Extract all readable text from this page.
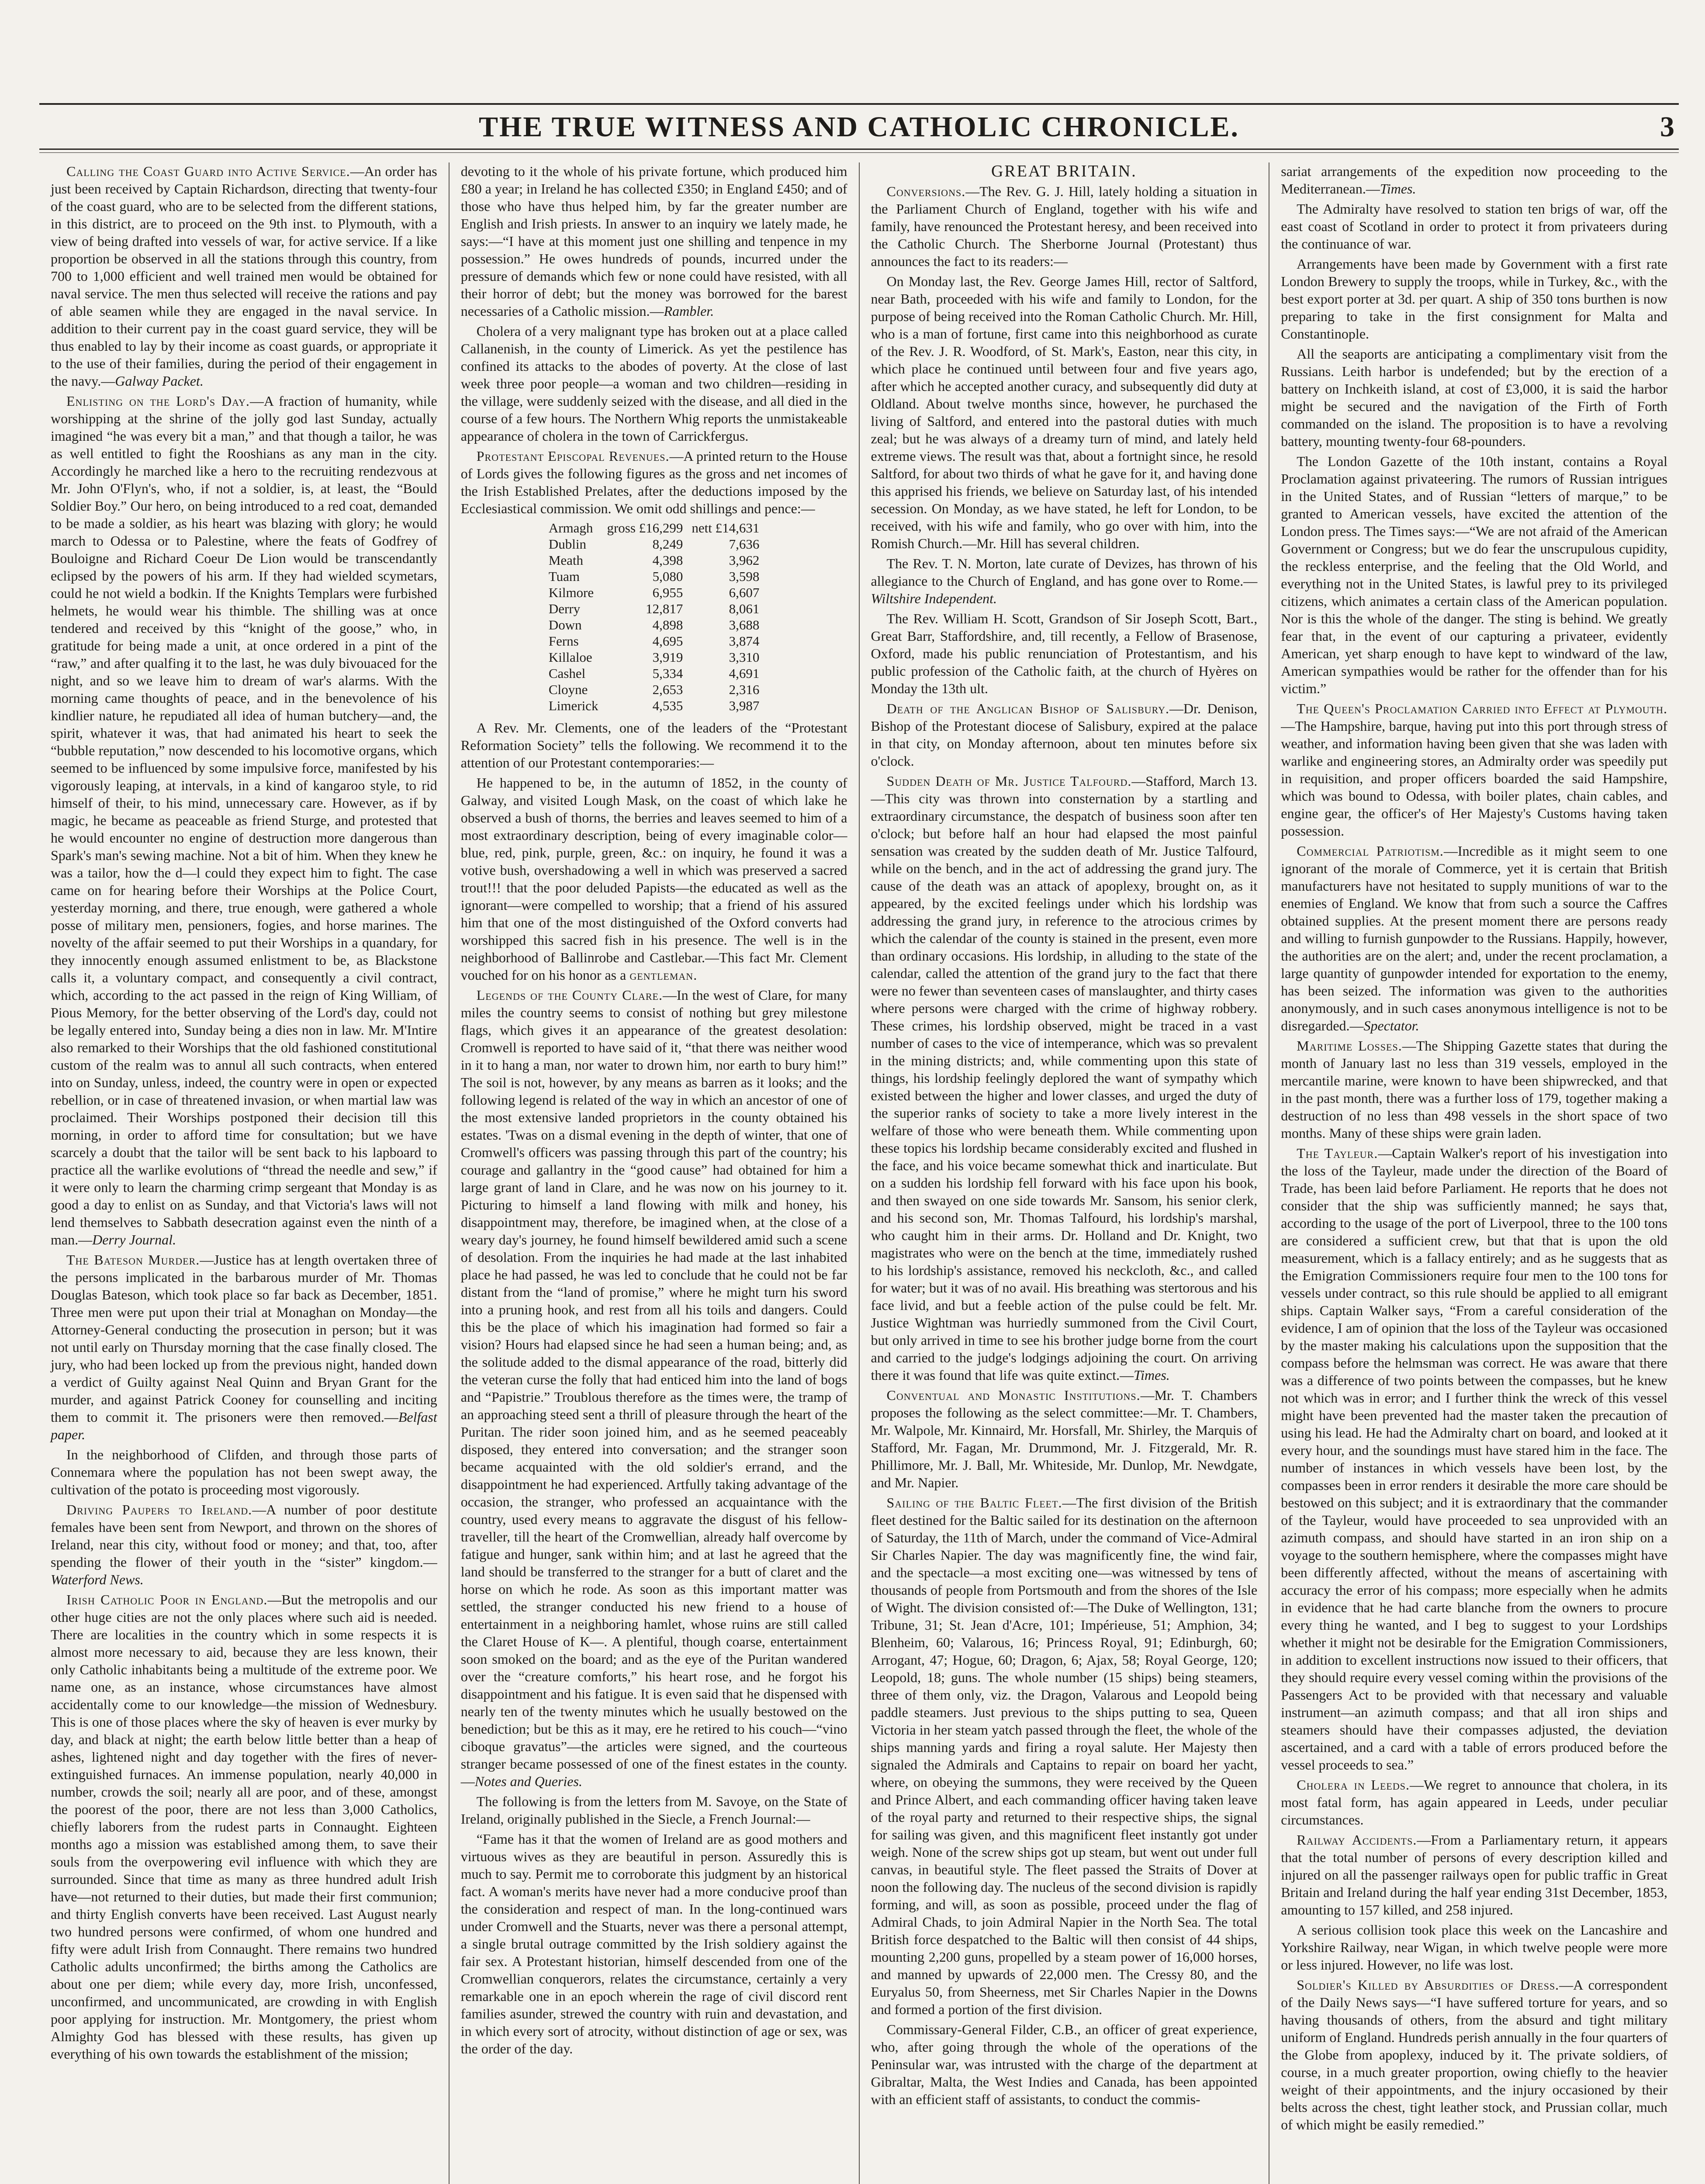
THE TRUE WITNESS AND CATHOLIC CHRONICLE.	3

Calling the Coast Guard into Active Service.—An order has just been received by Captain Richardson, directing that twenty-four of the coast guard, who are to be selected from the different stations, in this district, are to proceed on the 9th inst. to Plymouth, with a view of being drafted into vessels of war, for active service. If a like proportion be observed in all the stations through this country, from 700 to 1,000 efficient and well trained men would be obtained for naval service. The men thus selected will receive the rations and pay of able seamen while they are engaged in the naval service. In addition to their current pay in the coast guard service, they will be thus enabled to lay by their income as coast guards, or appropriate it to the use of their families, during the period of their engagement in the navy.—Galway Packet.

Enlisting on the Lord's Day.—A fraction of humanity, while worshipping at the shrine of the jolly god last Sunday, actually imagined “he was every bit a man,” and that though a tailor, he was as well entitled to fight the Rooshians as any man in the city. Accordingly he marched like a hero to the recruiting rendezvous at Mr. John O'Flyn's, who, if not a soldier, is, at least, the “Bould Soldier Boy.” Our hero, on being introduced to a red coat, demanded to be made a soldier, as his heart was blazing with glory; he would march to Odessa or to Palestine, where the feats of Godfrey of Bouloigne and Richard Coeur De Lion would be transcendantly eclipsed by the powers of his arm. If they had wielded scymetars, could he not wield a bodkin. If the Knights Templars were furbished helmets, he would wear his thimble. The shilling was at once tendered and received by this “knight of the goose,” who, in gratitude for being made a unit, at once ordered in a pint of the “raw,” and after qualfing it to the last, he was duly bivouaced for the night, and so we leave him to dream of war's alarms. With the morning came thoughts of peace, and in the benevolence of his kindlier nature, he repudiated all idea of human butchery—and, the spirit, whatever it was, that had animated his heart to seek the “bubble reputation,” now descended to his locomotive organs, which seemed to be influenced by some impulsive force, manifested by his vigorously leaping, at intervals, in a kind of kangaroo style, to rid himself of their, to his mind, unnecessary care. However, as if by magic, he became as peaceable as friend Sturge, and protested that he would encounter no engine of destruction more dangerous than Spark's man's sewing machine. Not a bit of him. When they knew he was a tailor, how the d—l could they expect him to fight. The case came on for hearing before their Worships at the Police Court, yesterday morning, and there, true enough, were gathered a whole posse of military men, pensioners, fogies, and horse marines. The novelty of the affair seemed to put their Worships in a quandary, for they innocently enough assumed enlistment to be, as Blackstone calls it, a voluntary compact, and consequently a civil contract, which, according to the act passed in the reign of King William, of Pious Memory, for the better observing of the Lord's day, could not be legally entered into, Sunday being a dies non in law. Mr. M'Intire also remarked to their Worships that the old fashioned constitutional custom of the realm was to annul all such contracts, when entered into on Sunday, unless, indeed, the country were in open or expected rebellion, or in case of threatened invasion, or when martial law was proclaimed. Their Worships postponed their decision till this morning, in order to afford time for consultation; but we have scarcely a doubt that the tailor will be sent back to his lapboard to practice all the warlike evolutions of “thread the needle and sew,” if it were only to learn the charming crimp sergeant that Monday is as good a day to enlist on as Sunday, and that Victoria's laws will not lend themselves to Sabbath desecration against even the ninth of a man.—Derry Journal.

The Bateson Murder.—Justice has at length overtaken three of the persons implicated in the barbarous murder of Mr. Thomas Douglas Bateson, which took place so far back as December, 1851. Three men were put upon their trial at Monaghan on Monday—the Attorney-General conducting the prosecution in person; but it was not until early on Thursday morning that the case finally closed. The jury, who had been locked up from the previous night, handed down a verdict of Guilty against Neal Quinn and Bryan Grant for the murder, and against Patrick Cooney for counselling and inciting them to commit it. The prisoners were then removed.—Belfast paper.

In the neighborhood of Clifden, and through those parts of Connemara where the population has not been swept away, the cultivation of the potato is proceeding most vigorously.

Driving Paupers to Ireland.—A number of poor destitute females have been sent from Newport, and thrown on the shores of Ireland, near this city, without food or money; and that, too, after spending the flower of their youth in the “sister” kingdom.—Waterford News.

Irish Catholic Poor in England.—But the metropolis and our other huge cities are not the only places where such aid is needed. There are localities in the country which in some respects it is almost more necessary to aid, because they are less known, their only Catholic inhabitants being a multitude of the extreme poor. We name one, as an instance, whose circumstances have almost accidentally come to our knowledge—the mission of Wednesbury. This is one of those places where the sky of heaven is ever murky by day, and black at night; the earth below little better than a heap of ashes, lightened night and day together with the fires of never-extinguished furnaces. An immense population, nearly 40,000 in number, crowds the soil; nearly all are poor, and of these, amongst the poorest of the poor, there are not less than 3,000 Catholics, chiefly laborers from the rudest parts in Connaught. Eighteen months ago a mission was established among them, to save their souls from the overpowering evil influence with which they are surrounded. Since that time as many as three hundred adult Irish have—not returned to their duties, but made their first communion; and thirty English converts have been received. Last August nearly two hundred persons were confirmed, of whom one hundred and fifty were adult Irish from Connaught. There remains two hundred Catholic adults unconfirmed; the births among the Catholics are about one per diem; while every day, more Irish, unconfessed, unconfirmed, and uncommunicated, are crowding in with English poor applying for instruction. Mr. Montgomery, the priest whom Almighty God has blessed with these results, has given up everything of his own towards the establishment of the mission;

devoting to it the whole of his private fortune, which produced him £80 a year; in Ireland he has collected £350; in England £450; and of those who have thus helped him, by far the greater number are English and Irish priests. In answer to an inquiry we lately made, he says:—“I have at this moment just one shilling and tenpence in my possession.” He owes hundreds of pounds, incurred under the pressure of demands which few or none could have resisted, with all their horror of debt; but the money was borrowed for the barest necessaries of a Catholic mission.—Rambler.

Cholera of a very malignant type has broken out at a place called Callanenish, in the county of Limerick. As yet the pestilence has confined its attacks to the abodes of poverty. At the close of last week three poor people—a woman and two children—residing in the village, were suddenly seized with the disease, and all died in the course of a few hours. The Northern Whig reports the unmistakeable appearance of cholera in the town of Carrickfergus.

Protestant Episcopal Revenues.—A printed return to the House of Lords gives the following figures as the gross and net incomes of the Irish Established Prelates, after the deductions imposed by the Ecclesiastical commission. We omit odd shillings and pence:—

Armagh	gross £16,299	nett £14,631
Dublin	8,249	7,636
Meath	4,398	3,962
Tuam	5,080	3,598
Kilmore	6,955	6,607
Derry	12,817	8,061
Down	4,898	3,688
Ferns	4,695	3,874
Killaloe	3,919	3,310
Cashel	5,334	4,691
Cloyne	2,653	2,316
Limerick	4,535	3,987

A Rev. Mr. Clements, one of the leaders of the “Protestant Reformation Society” tells the following. We recommend it to the attention of our Protestant contemporaries:—

He happened to be, in the autumn of 1852, in the county of Galway, and visited Lough Mask, on the coast of which lake he observed a bush of thorns, the berries and leaves seemed to him of a most extraordinary description, being of every imaginable color—blue, red, pink, purple, green, &c.: on inquiry, he found it was a votive bush, overshadowing a well in which was preserved a sacred trout!!! that the poor deluded Papists—the educated as well as the ignorant—were compelled to worship; that a friend of his assured him that one of the most distinguished of the Oxford converts had worshipped this sacred fish in his presence. The well is in the neighborhood of Ballinrobe and Castlebar.—This fact Mr. Clement vouched for on his honor as a gentleman.

Legends of the County Clare.—In the west of Clare, for many miles the country seems to consist of nothing but grey milestone flags, which gives it an appearance of the greatest desolation: Cromwell is reported to have said of it, “that there was neither wood in it to hang a man, nor water to drown him, nor earth to bury him!” The soil is not, however, by any means as barren as it looks; and the following legend is related of the way in which an ancestor of one of the most extensive landed proprietors in the county obtained his estates. 'Twas on a dismal evening in the depth of winter, that one of Cromwell's officers was passing through this part of the country; his courage and gallantry in the “good cause” had obtained for him a large grant of land in Clare, and he was now on his journey to it. Picturing to himself a land flowing with milk and honey, his disappointment may, therefore, be imagined when, at the close of a weary day's journey, he found himself bewildered amid such a scene of desolation. From the inquiries he had made at the last inhabited place he had passed, he was led to conclude that he could not be far distant from the “land of promise,” where he might turn his sword into a pruning hook, and rest from all his toils and dangers. Could this be the place of which his imagination had formed so fair a vision? Hours had elapsed since he had seen a human being; and, as the solitude added to the dismal appearance of the road, bitterly did the veteran curse the folly that had enticed him into the land of bogs and “Papistrie.” Troublous therefore as the times were, the tramp of an approaching steed sent a thrill of pleasure through the heart of the Puritan. The rider soon joined him, and as he seemed peaceably disposed, they entered into conversation; and the stranger soon became acquainted with the old soldier's errand, and the disappointment he had experienced. Artfully taking advantage of the occasion, the stranger, who professed an acquaintance with the country, used every means to aggravate the disgust of his fellow-traveller, till the heart of the Cromwellian, already half overcome by fatigue and hunger, sank within him; and at last he agreed that the land should be transferred to the stranger for a butt of claret and the horse on which he rode. As soon as this important matter was settled, the stranger conducted his new friend to a house of entertainment in a neighboring hamlet, whose ruins are still called the Claret House of K—. A plentiful, though coarse, entertainment soon smoked on the board; and as the eye of the Puritan wandered over the “creature comforts,” his heart rose, and he forgot his disappointment and his fatigue. It is even said that he dispensed with nearly ten of the twenty minutes which he usually bestowed on the benediction; but be this as it may, ere he retired to his couch—“vino ciboque gravatus”—the articles were signed, and the courteous stranger became possessed of one of the finest estates in the county.—Notes and Queries.

The following is from the letters from M. Savoye, on the State of Ireland, originally published in the Siecle, a French Journal:—

“Fame has it that the women of Ireland are as good mothers and virtuous wives as they are beautiful in person. Assuredly this is much to say. Permit me to corroborate this judgment by an historical fact. A woman's merits have never had a more conducive proof than the consideration and respect of man. In the long-continued wars under Cromwell and the Stuarts, never was there a personal attempt, a single brutal outrage committed by the Irish soldiery against the fair sex. A Protestant historian, himself descended from one of the Cromwellian conquerors, relates the circumstance, certainly a very remarkable one in an epoch wherein the rage of civil discord rent families asunder, strewed the country with ruin and devastation, and in which every sort of atrocity, without distinction of age or sex, was the order of the day.

GREAT BRITAIN.

Conversions.—The Rev. G. J. Hill, lately holding a situation in the Parliament Church of England, together with his wife and family, have renounced the Protestant heresy, and been received into the Catholic Church. The Sherborne Journal (Protestant) thus announces the fact to its readers:—

On Monday last, the Rev. George James Hill, rector of Saltford, near Bath, proceeded with his wife and family to London, for the purpose of being received into the Roman Catholic Church. Mr. Hill, who is a man of fortune, first came into this neighborhood as curate of the Rev. J. R. Woodford, of St. Mark's, Easton, near this city, in which place he continued until between four and five years ago, after which he accepted another curacy, and subsequently did duty at Oldland. About twelve months since, however, he purchased the living of Saltford, and entered into the pastoral duties with much zeal; but he was always of a dreamy turn of mind, and lately held extreme views. The result was that, about a fortnight since, he resold Saltford, for about two thirds of what he gave for it, and having done this apprised his friends, we believe on Saturday last, of his intended secession. On Monday, as we have stated, he left for London, to be received, with his wife and family, who go over with him, into the Romish Church.—Mr. Hill has several children.

The Rev. T. N. Morton, late curate of Devizes, has thrown of his allegiance to the Church of England, and has gone over to Rome.—Wiltshire Independent.

The Rev. William H. Scott, Grandson of Sir Joseph Scott, Bart., Great Barr, Staffordshire, and, till recently, a Fellow of Brasenose, Oxford, made his public renunciation of Protestantism, and his public profession of the Catholic faith, at the church of Hyères on Monday the 13th ult.

Death of the Anglican Bishop of Salisbury.—Dr. Denison, Bishop of the Protestant diocese of Salisbury, expired at the palace in that city, on Monday afternoon, about ten minutes before six o'clock.

Sudden Death of Mr. Justice Talfourd.—Stafford, March 13.—This city was thrown into consternation by a startling and extraordinary circumstance, the despatch of business soon after ten o'clock; but before half an hour had elapsed the most painful sensation was created by the sudden death of Mr. Justice Talfourd, while on the bench, and in the act of addressing the grand jury. The cause of the death was an attack of apoplexy, brought on, as it appeared, by the excited feelings under which his lordship was addressing the grand jury, in reference to the atrocious crimes by which the calendar of the county is stained in the present, even more than ordinary occasions. His lordship, in alluding to the state of the calendar, called the attention of the grand jury to the fact that there were no fewer than seventeen cases of manslaughter, and thirty cases where persons were charged with the crime of highway robbery. These crimes, his lordship observed, might be traced in a vast number of cases to the vice of intemperance, which was so prevalent in the mining districts; and, while commenting upon this state of things, his lordship feelingly deplored the want of sympathy which existed between the higher and lower classes, and urged the duty of the superior ranks of society to take a more lively interest in the welfare of those who were beneath them. While commenting upon these topics his lordship became considerably excited and flushed in the face, and his voice became somewhat thick and inarticulate. But on a sudden his lordship fell forward with his face upon his book, and then swayed on one side towards Mr. Sansom, his senior clerk, and his second son, Mr. Thomas Talfourd, his lordship's marshal, who caught him in their arms. Dr. Holland and Dr. Knight, two magistrates who were on the bench at the time, immediately rushed to his lordship's assistance, removed his neckcloth, &c., and called for water; but it was of no avail. His breathing was stertorous and his face livid, and but a feeble action of the pulse could be felt. Mr. Justice Wightman was hurriedly summoned from the Civil Court, but only arrived in time to see his brother judge borne from the court and carried to the judge's lodgings adjoining the court. On arriving there it was found that life was quite extinct.—Times.

Conventual and Monastic Institutions.—Mr. T. Chambers proposes the following as the select committee:—Mr. T. Chambers, Mr. Walpole, Mr. Kinnaird, Mr. Horsfall, Mr. Shirley, the Marquis of Stafford, Mr. Fagan, Mr. Drummond, Mr. J. Fitzgerald, Mr. R. Phillimore, Mr. J. Ball, Mr. Whiteside, Mr. Dunlop, Mr. Newdgate, and Mr. Napier.

Sailing of the Baltic Fleet.—The first division of the British fleet destined for the Baltic sailed for its destination on the afternoon of Saturday, the 11th of March, under the command of Vice-Admiral Sir Charles Napier. The day was magnificently fine, the wind fair, and the spectacle—a most exciting one—was witnessed by tens of thousands of people from Portsmouth and from the shores of the Isle of Wight. The division consisted of:—The Duke of Wellington, 131; Tribune, 31; St. Jean d'Acre, 101; Impérieuse, 51; Amphion, 34; Blenheim, 60; Valarous, 16; Princess Royal, 91; Edinburgh, 60; Arrogant, 47; Hogue, 60; Dragon, 6; Ajax, 58; Royal George, 120; Leopold, 18; guns. The whole number (15 ships) being steamers, three of them only, viz. the Dragon, Valarous and Leopold being paddle steamers. Just previous to the ships putting to sea, Queen Victoria in her steam yatch passed through the fleet, the whole of the ships manning yards and firing a royal salute. Her Majesty then signaled the Admirals and Captains to repair on board her yacht, where, on obeying the summons, they were received by the Queen and Prince Albert, and each commanding officer having taken leave of the royal party and returned to their respective ships, the signal for sailing was given, and this magnificent fleet instantly got under weigh. None of the screw ships got up steam, but went out under full canvas, in beautiful style. The fleet passed the Straits of Dover at noon the following day. The nucleus of the second division is rapidly forming, and will, as soon as possible, proceed under the flag of Admiral Chads, to join Admiral Napier in the North Sea. The total British force despatched to the Baltic will then consist of 44 ships, mounting 2,200 guns, propelled by a steam power of 16,000 horses, and manned by upwards of 22,000 men. The Cressy 80, and the Euryalus 50, from Sheerness, met Sir Charles Napier in the Downs and formed a portion of the first division.

Commissary-General Filder, C.B., an officer of great experience, who, after going through the whole of the operations of the Peninsular war, was intrusted with the charge of the department at Gibraltar, Malta, the West Indies and Canada, has been appointed with an efficient staff of assistants, to conduct the commis-

sariat arrangements of the expedition now proceeding to the Mediterranean.—Times.

The Admiralty have resolved to station ten brigs of war, off the east coast of Scotland in order to protect it from privateers during the continuance of war.

Arrangements have been made by Government with a first rate London Brewery to supply the troops, while in Turkey, &c., with the best export porter at 3d. per quart. A ship of 350 tons burthen is now preparing to take in the first consignment for Malta and Constantinople.

All the seaports are anticipating a complimentary visit from the Russians. Leith harbor is undefended; but by the erection of a battery on Inchkeith island, at cost of £3,000, it is said the harbor might be secured and the navigation of the Firth of Forth commanded on the island. The proposition is to have a revolving battery, mounting twenty-four 68-pounders.

The London Gazette of the 10th instant, contains a Royal Proclamation against privateering. The rumors of Russian intrigues in the United States, and of Russian “letters of marque,” to be granted to American vessels, have excited the attention of the London press. The Times says:—“We are not afraid of the American Government or Congress; but we do fear the unscrupulous cupidity, the reckless enterprise, and the feeling that the Old World, and everything not in the United States, is lawful prey to its privileged citizens, which animates a certain class of the American population. Nor is this the whole of the danger. The sting is behind. We greatly fear that, in the event of our capturing a privateer, evidently American, yet sharp enough to have kept to windward of the law, American sympathies would be rather for the offender than for his victim.”

The Queen's Proclamation Carried into Effect at Plymouth.—The Hampshire, barque, having put into this port through stress of weather, and information having been given that she was laden with warlike and engineering stores, an Admiralty order was speedily put in requisition, and proper officers boarded the said Hampshire, which was bound to Odessa, with boiler plates, chain cables, and engine gear, the officer's of Her Majesty's Customs having taken possession.

Commercial Patriotism.—Incredible as it might seem to one ignorant of the morale of Commerce, yet it is certain that British manufacturers have not hesitated to supply munitions of war to the enemies of England. We know that from such a source the Caffres obtained supplies. At the present moment there are persons ready and willing to furnish gunpowder to the Russians. Happily, however, the authorities are on the alert; and, under the recent proclamation, a large quantity of gunpowder intended for exportation to the enemy, has been seized. The information was given to the authorities anonymously, and in such cases anonymous intelligence is not to be disregarded.—Spectator.

Maritime Losses.—The Shipping Gazette states that during the month of January last no less than 319 vessels, employed in the mercantile marine, were known to have been shipwrecked, and that in the past month, there was a further loss of 179, together making a destruction of no less than 498 vessels in the short space of two months. Many of these ships were grain laden.

The Tayleur.—Captain Walker's report of his investigation into the loss of the Tayleur, made under the direction of the Board of Trade, has been laid before Parliament. He reports that he does not consider that the ship was sufficiently manned; he says that, according to the usage of the port of Liverpool, three to the 100 tons are considered a sufficient crew, but that that is upon the old measurement, which is a fallacy entirely; and as he suggests that as the Emigration Commissioners require four men to the 100 tons for vessels under contract, so this rule should be applied to all emigrant ships. Captain Walker says, “From a careful consideration of the evidence, I am of opinion that the loss of the Tayleur was occasioned by the master making his calculations upon the supposition that the compass before the helmsman was correct. He was aware that there was a difference of two points between the compasses, but he knew not which was in error; and I further think the wreck of this vessel might have been prevented had the master taken the precaution of using his lead. He had the Admiralty chart on board, and looked at it every hour, and the soundings must have stared him in the face. The number of instances in which vessels have been lost, by the compasses been in error renders it desirable the more care should be bestowed on this subject; and it is extraordinary that the commander of the Tayleur, would have proceeded to sea unprovided with an azimuth compass, and should have started in an iron ship on a voyage to the southern hemisphere, where the compasses might have been differently affected, without the means of ascertaining with accuracy the error of his compass; more especially when he admits in evidence that he had carte blanche from the owners to procure every thing he wanted, and I beg to suggest to your Lordships whether it might not be desirable for the Emigration Commissioners, in addition to excellent instructions now issued to their officers, that they should require every vessel coming within the provisions of the Passengers Act to be provided with that necessary and valuable instrument—an azimuth compass; and that all iron ships and steamers should have their compasses adjusted, the deviation ascertained, and a card with a table of errors produced before the vessel proceeds to sea.”

Cholera in Leeds.—We regret to announce that cholera, in its most fatal form, has again appeared in Leeds, under peculiar circumstances.

Railway Accidents.—From a Parliamentary return, it appears that the total number of persons of every description killed and injured on all the passenger railways open for public traffic in Great Britain and Ireland during the half year ending 31st December, 1853, amounting to 157 killed, and 258 injured.

A serious collision took place this week on the Lancashire and Yorkshire Railway, near Wigan, in which twelve people were more or less injured. However, no life was lost.

Soldier's Killed by Absurdities of Dress.—A correspondent of the Daily News says—“I have suffered torture for years, and so having thousands of others, from the absurd and tight military uniform of England. Hundreds perish annually in the four quarters of the Globe from apoplexy, induced by it. The private soldiers, of course, in a much greater proportion, owing chiefly to the heavier weight of their appointments, and the injury occasioned by their belts across the chest, tight leather stock, and Prussian collar, much of which might be easily remedied.”
